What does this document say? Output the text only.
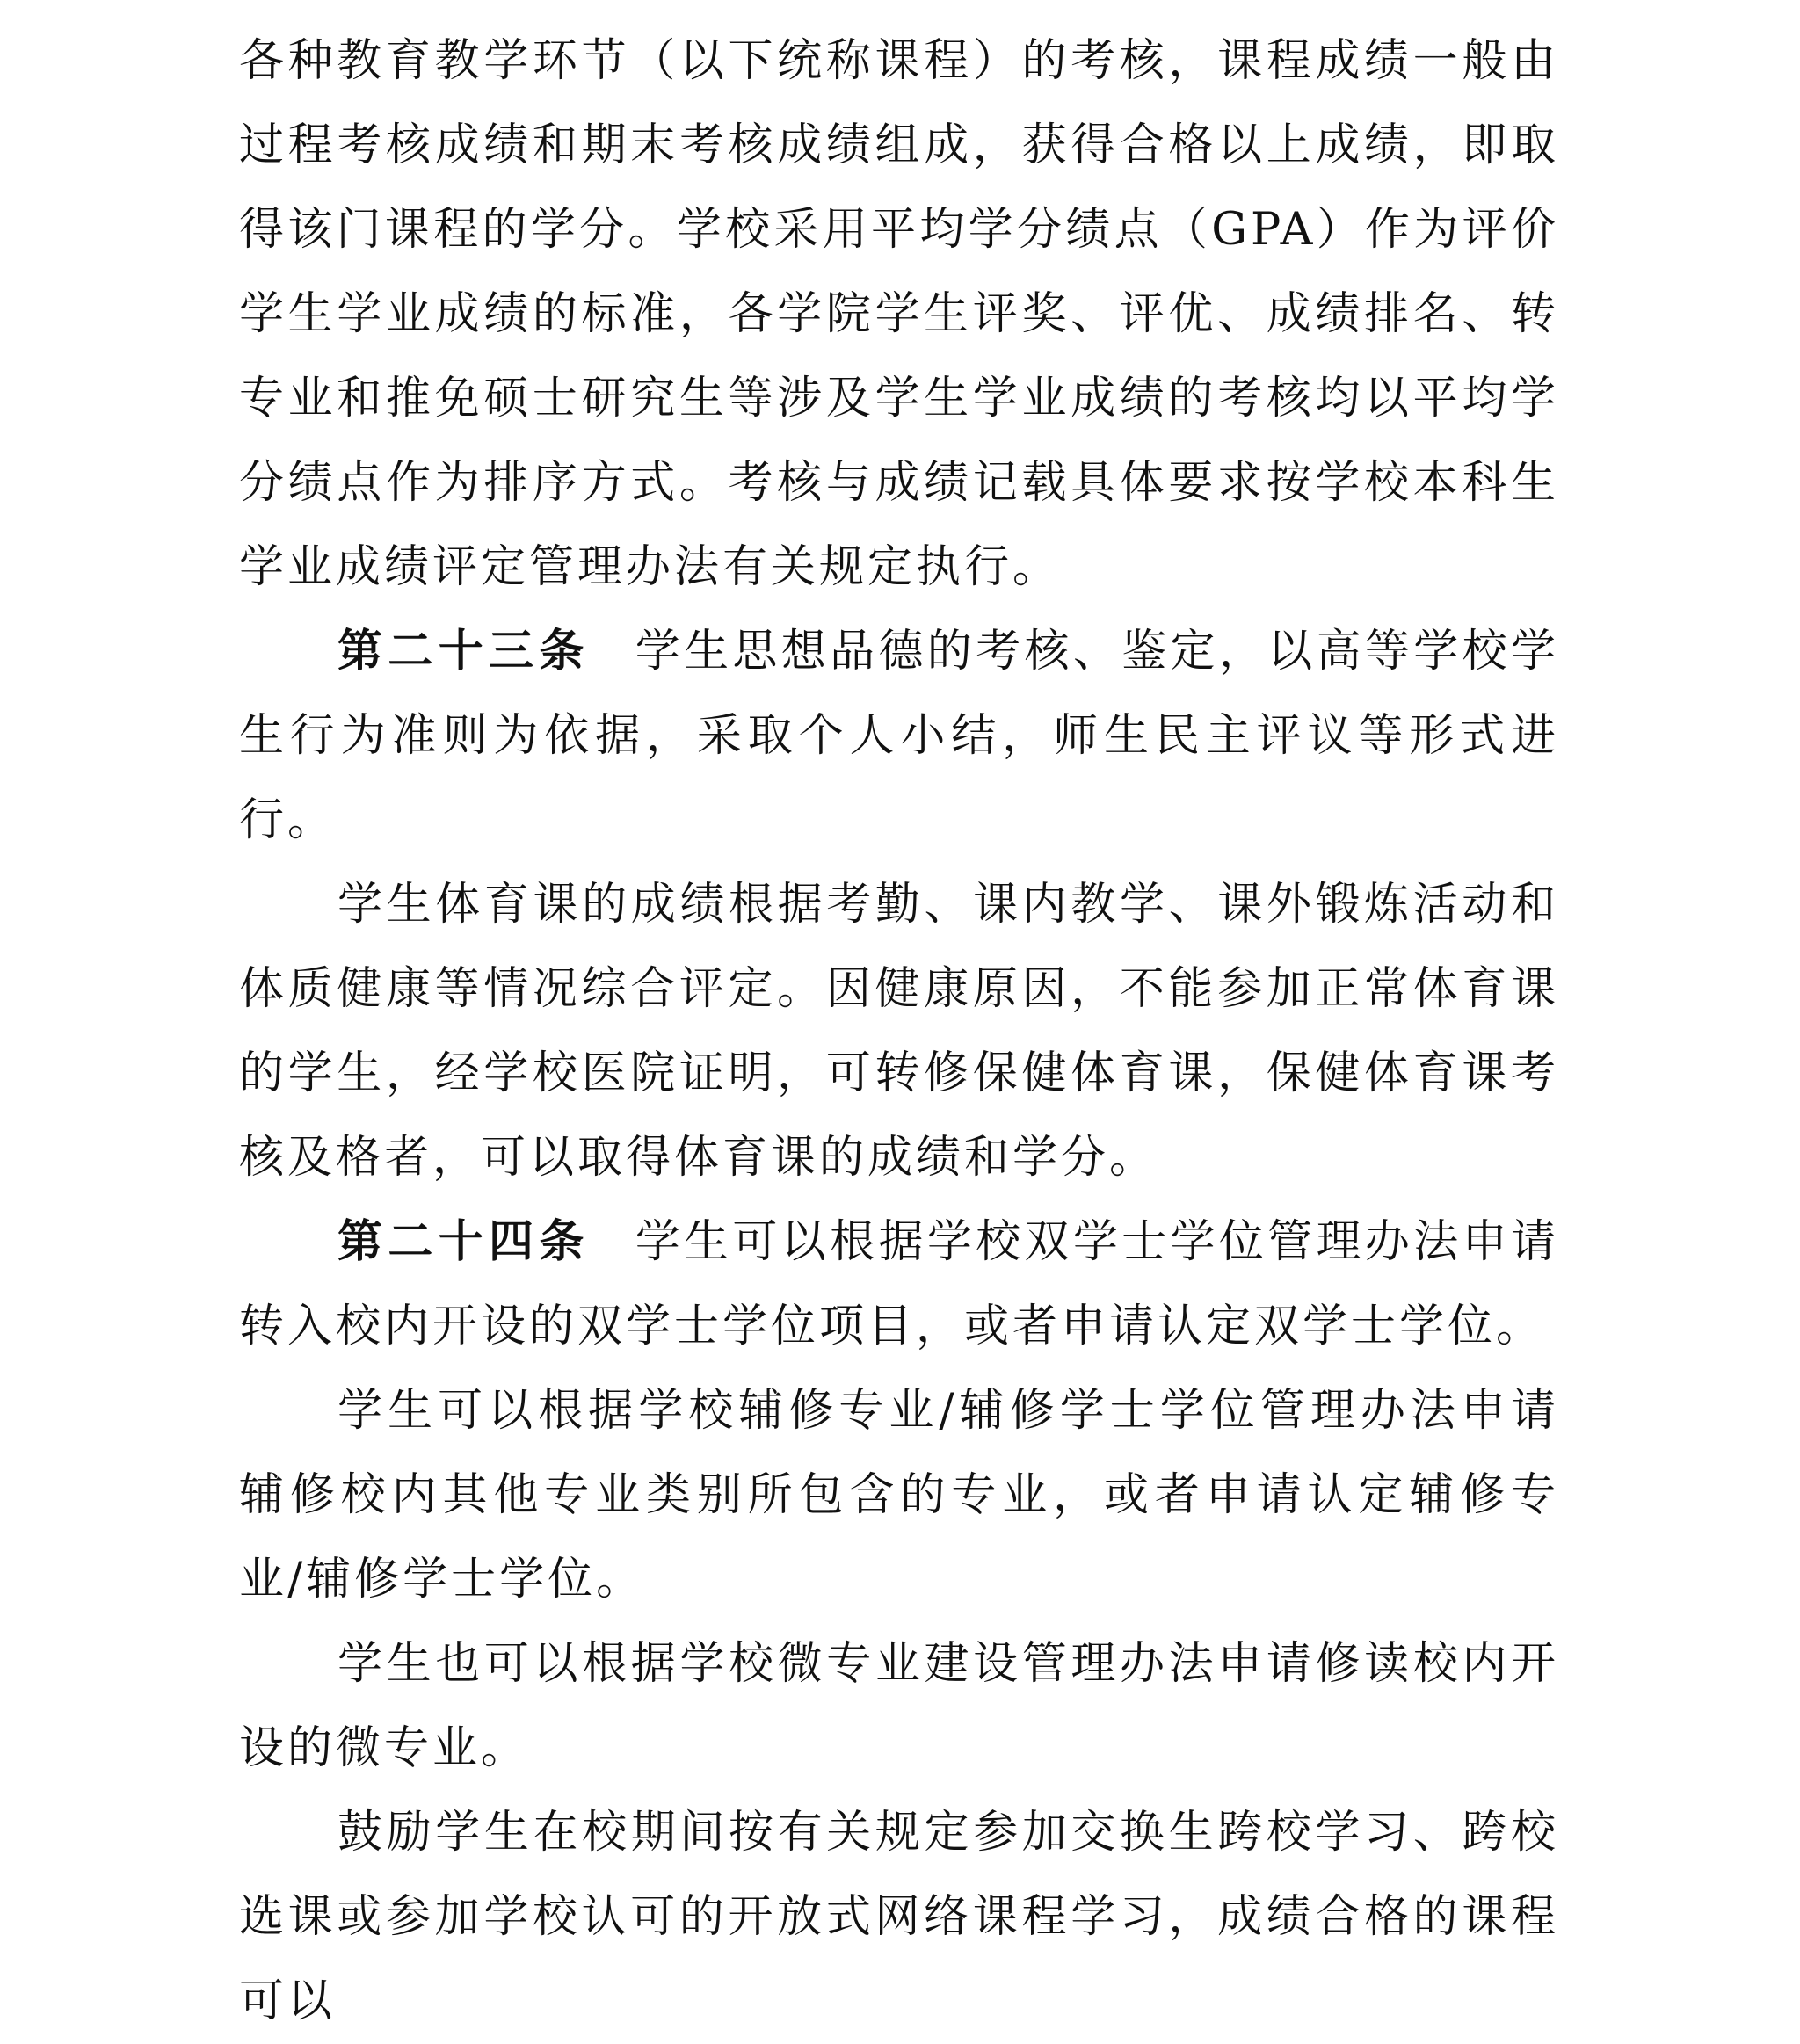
各种教育教学环节（以下统称课程）的考核，课程成绩一般由过程考核成绩和期末考核成绩组成，获得合格以上成绩，即取得该门课程的学分。学校采用平均学分绩点（GPA）作为评价学生学业成绩的标准，各学院学生评奖、评优、成绩排名、转专业和推免硕士研究生等涉及学生学业成绩的考核均以平均学分绩点作为排序方式。考核与成绩记载具体要求按学校本科生学业成绩评定管理办法有关规定执行。

第二十三条 学生思想品德的考核、鉴定，以高等学校学生行为准则为依据，采取个人小结，师生民主评议等形式进行。

学生体育课的成绩根据考勤、课内教学、课外锻炼活动和体质健康等情况综合评定。因健康原因，不能参加正常体育课的学生，经学校医院证明，可转修保健体育课，保健体育课考核及格者，可以取得体育课的成绩和学分。

第二十四条 学生可以根据学校双学士学位管理办法申请转入校内开设的双学士学位项目，或者申请认定双学士学位。

学生可以根据学校辅修专业/辅修学士学位管理办法申请辅修校内其他专业类别所包含的专业，或者申请认定辅修专业/辅修学士学位。

学生也可以根据学校微专业建设管理办法申请修读校内开设的微专业。

鼓励学生在校期间按有关规定参加交换生跨校学习、跨校选课或参加学校认可的开放式网络课程学习，成绩合格的课程可以
